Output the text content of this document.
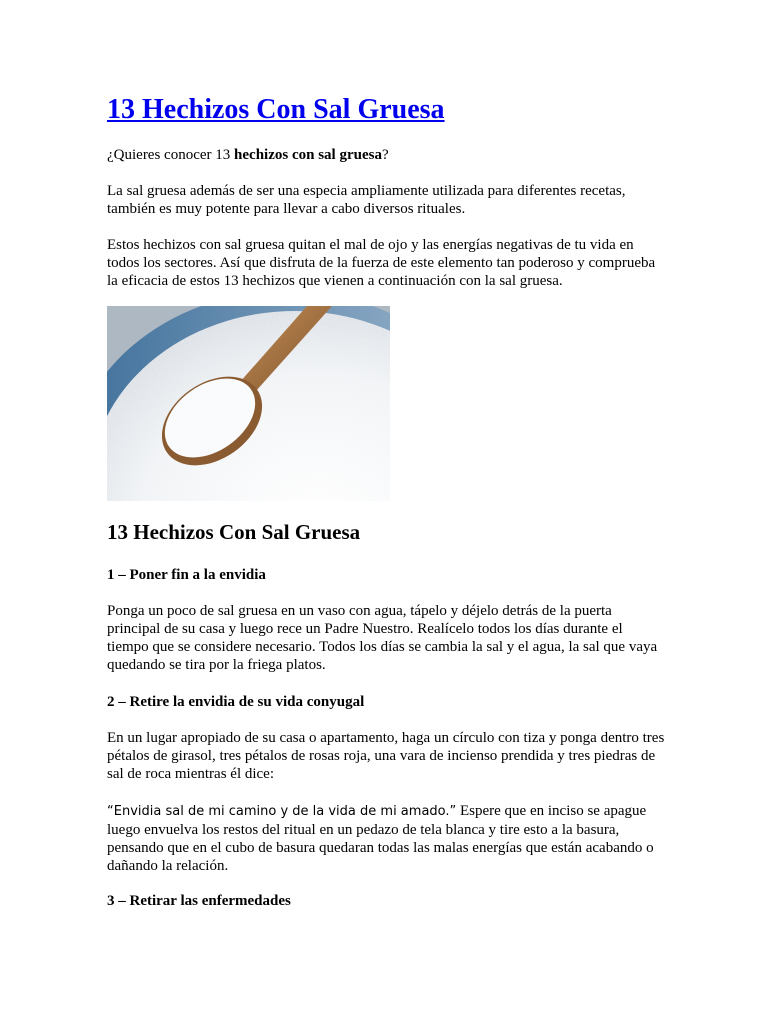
13 Hechizos Con Sal Gruesa

¿Quieres conocer 13 hechizos con sal gruesa?

La sal gruesa además de ser una especia ampliamente utilizada para diferentes recetas, también es muy potente para llevar a cabo diversos rituales.

Estos hechizos con sal gruesa quitan el mal de ojo y las energías negativas de tu vida en todos los sectores. Así que disfruta de la fuerza de este elemento tan poderoso y comprueba la eficacia de estos 13 hechizos que vienen a continuación con la sal gruesa.

13 Hechizos Con Sal Gruesa
1 – Poner fin a la envidia

Ponga un poco de sal gruesa en un vaso con agua, tápelo y déjelo detrás de la puerta principal de su casa y luego rece un Padre Nuestro. Realícelo todos los días durante el tiempo que se considere necesario. Todos los días se cambia la sal y el agua, la sal que vaya quedando se tira por la friega platos.

2 – Retire la envidia de su vida conyugal

En un lugar apropiado de su casa o apartamento, haga un círculo con tiza y ponga dentro tres pétalos de girasol, tres pétalos de rosas roja, una vara de incienso prendida y tres piedras de sal de roca mientras él dice:

“Envidia sal de mi camino y de la vida de mi amado.” Espere que en inciso se apague luego envuelva los restos del ritual en un pedazo de tela blanca y tire esto a la basura, pensando que en el cubo de basura quedaran todas las malas energías que están acabando o dañando la relación.

3 – Retirar las enfermedades
